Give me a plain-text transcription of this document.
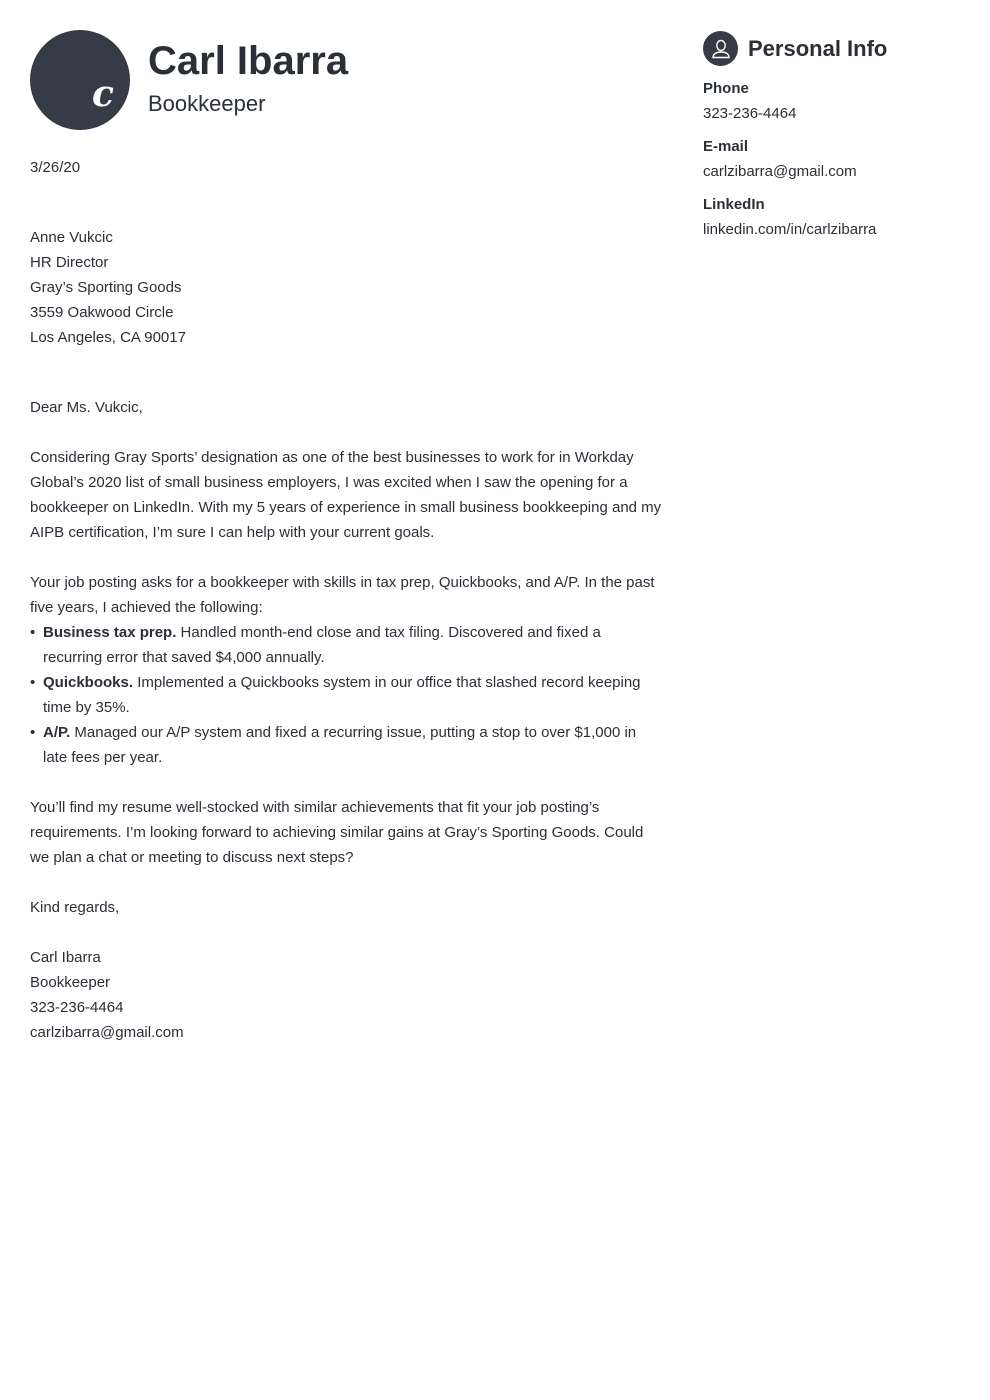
c
Carl Ibarra
Bookkeeper
3/26/20
Anne Vukcic
HR Director
Gray’s Sporting Goods
3559 Oakwood Circle
Los Angeles, CA 90017
Dear Ms. Vukcic,
Considering Gray Sports’ designation as one of the best businesses to work for in Workday
Global’s 2020 list of small business employers, I was excited when I saw the opening for a
bookkeeper on LinkedIn. With my 5 years of experience in small business bookkeeping and my
AIPB certification, I’m sure I can help with your current goals.
Your job posting asks for a bookkeeper with skills in tax prep, Quickbooks, and A/P. In the past
five years, I achieved the following:
• Business tax prep. Handled month-end close and tax filing. Discovered and fixed a
recurring error that saved $4,000 annually.
• Quickbooks. Implemented a Quickbooks system in our office that slashed record keeping
time by 35%.
• A/P. Managed our A/P system and fixed a recurring issue, putting a stop to over $1,000 in
late fees per year.
You’ll find my resume well-stocked with similar achievements that fit your job posting’s
requirements. I’m looking forward to achieving similar gains at Gray’s Sporting Goods. Could
we plan a chat or meeting to discuss next steps?
Kind regards,
Carl Ibarra
Bookkeeper
323-236-4464
carlzibarra@gmail.com
Personal Info
Phone
323-236-4464
E-mail
carlzibarra@gmail.com
LinkedIn
linkedin.com/in/carlzibarra
